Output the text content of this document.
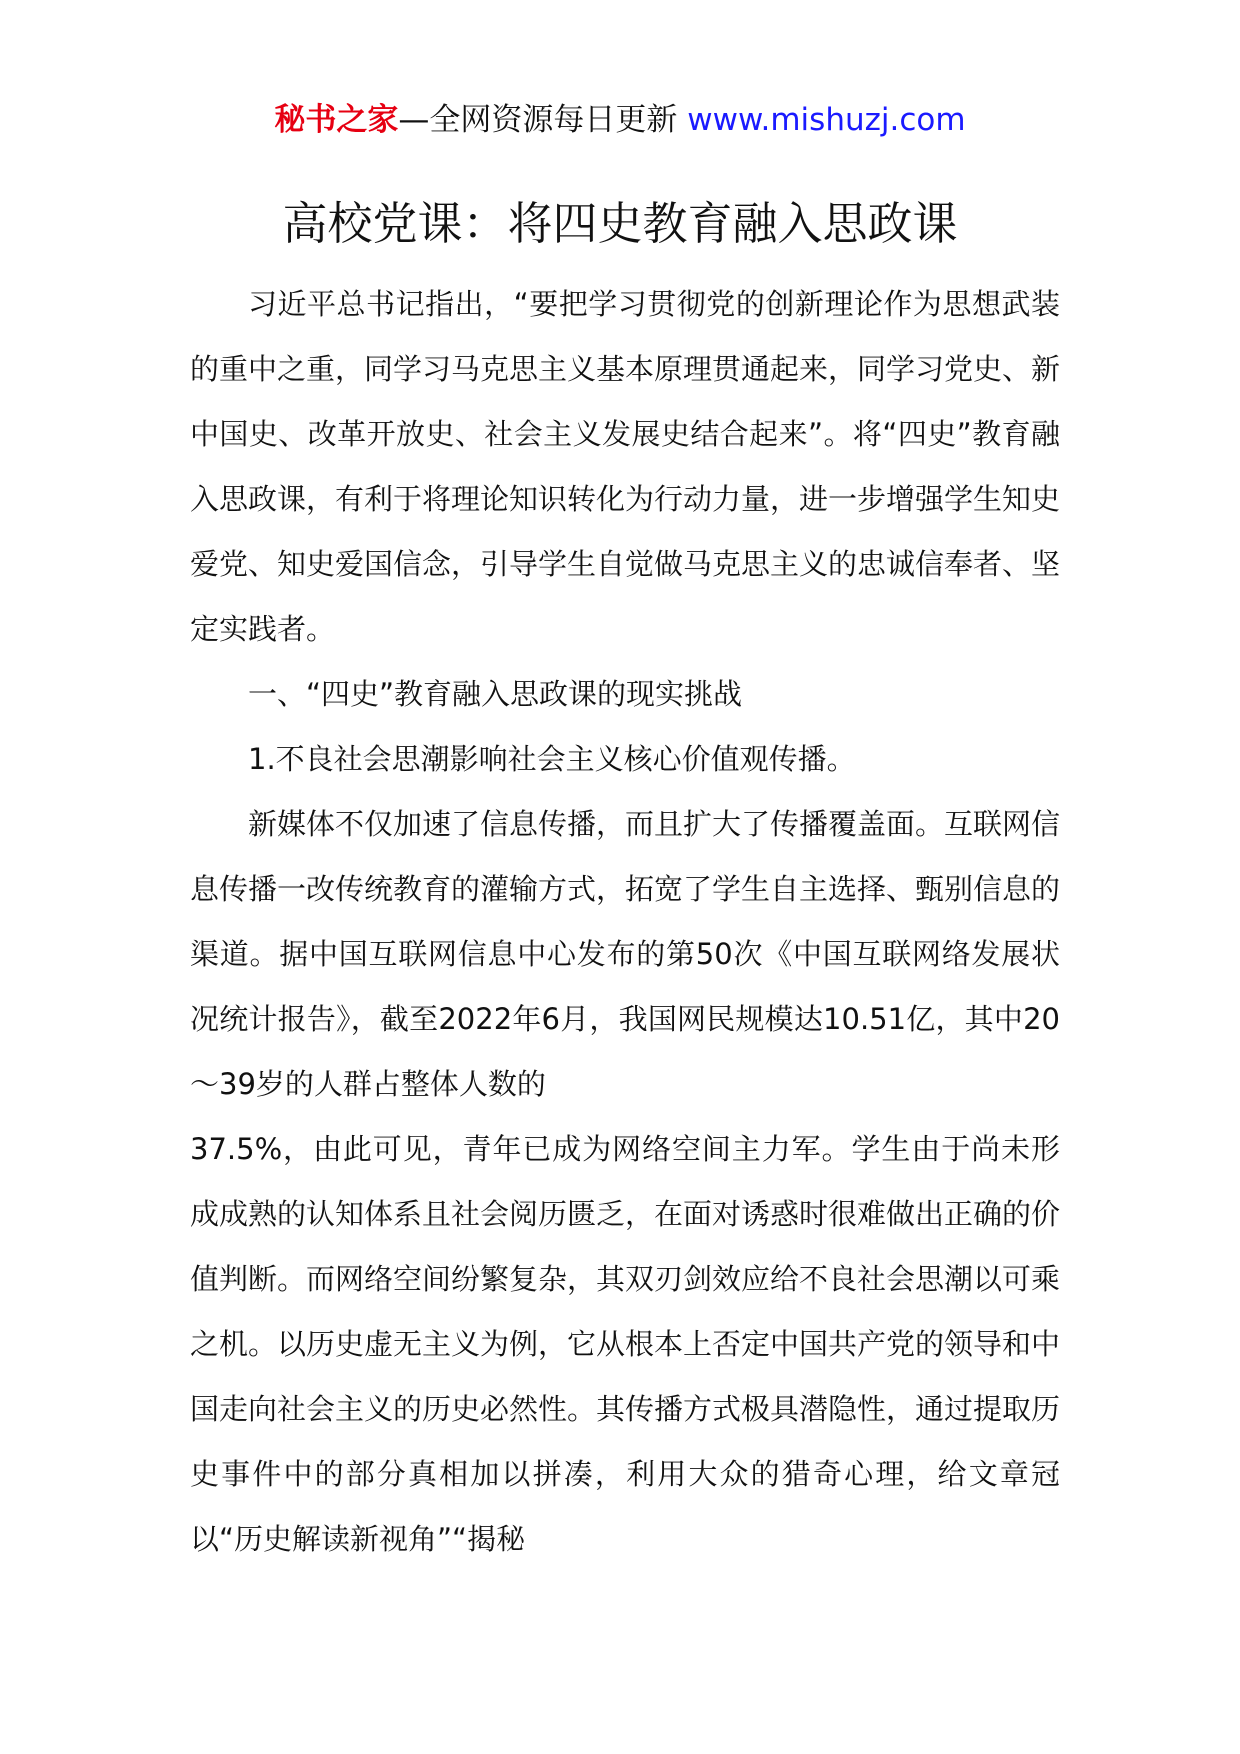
秘书之家—全网资源每日更新 www.mishuzj.com
高校党课：将四史教育融入思政课

习近平总书记指出，“要把学习贯彻党的创新理论作为思想武装的重中之重，同学习马克思主义基本原理贯通起来，同学习党史、新中国史、改革开放史、社会主义发展史结合起来”。将“四史”教育融入思政课，有利于将理论知识转化为行动力量，进一步增强学生知史爱党、知史爱国信念，引导学生自觉做马克思主义的忠诚信奉者、坚定实践者。

一、“四史”教育融入思政课的现实挑战

1.不良社会思潮影响社会主义核心价值观传播。

新媒体不仅加速了信息传播，而且扩大了传播覆盖面。互联网信息传播一改传统教育的灌输方式，拓宽了学生自主选择、甄别信息的渠道。据中国互联网信息中心发布的第50次《中国互联网络发展状况统计报告》，截至2022年6月，我国网民规模达10.51亿，其中20～39岁的人群占整体人数的

37.5%，由此可见，青年已成为网络空间主力军。学生由于尚未形成成熟的认知体系且社会阅历匮乏，在面对诱惑时很难做出正确的价值判断。而网络空间纷繁复杂，其双刃剑效应给不良社会思潮以可乘之机。以历史虚无主义为例，它从根本上否定中国共产党的领导和中国走向社会主义的历史必然性。其传播方式极具潜隐性，通过提取历史事件中的部分真相加以拼凑，利用大众的猎奇心理，给文章冠以“历史解读新视角”“揭秘
